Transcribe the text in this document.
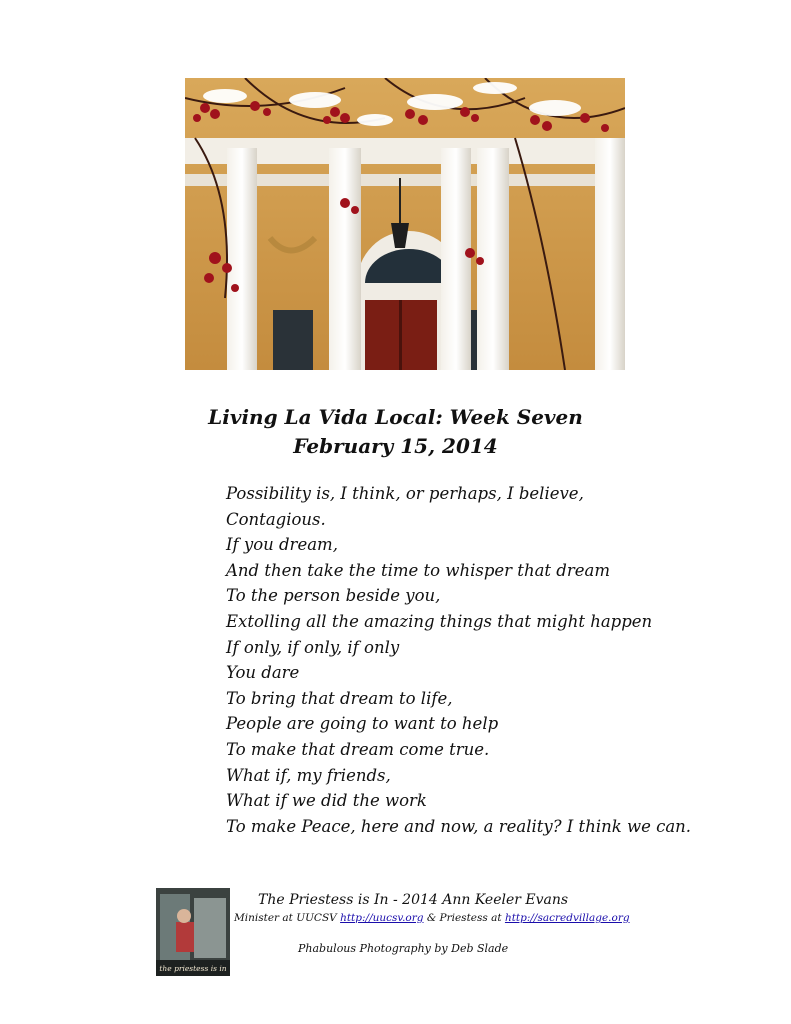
Living La Vida Local: Week Seven
February 15, 2014
Possibility is, I think, or perhaps, I believe,
Contagious.
If you dream,
And then take the time to whisper that dream
To the person beside you,
Extolling all the amazing things that might happen
If only, if only, if only
You dare
To bring that dream to life,
People are going to want to help
To make that dream come true.
What if, my friends,
What if we did the work
To make Peace, here and now, a reality? I think we can.
the priestess is in
The Priestess is In - 2014 Ann Keeler Evans
Minister at UUCSV http://uucsv.org & Priestess at http://sacredvillage.org
Phabulous Photography by Deb Slade
